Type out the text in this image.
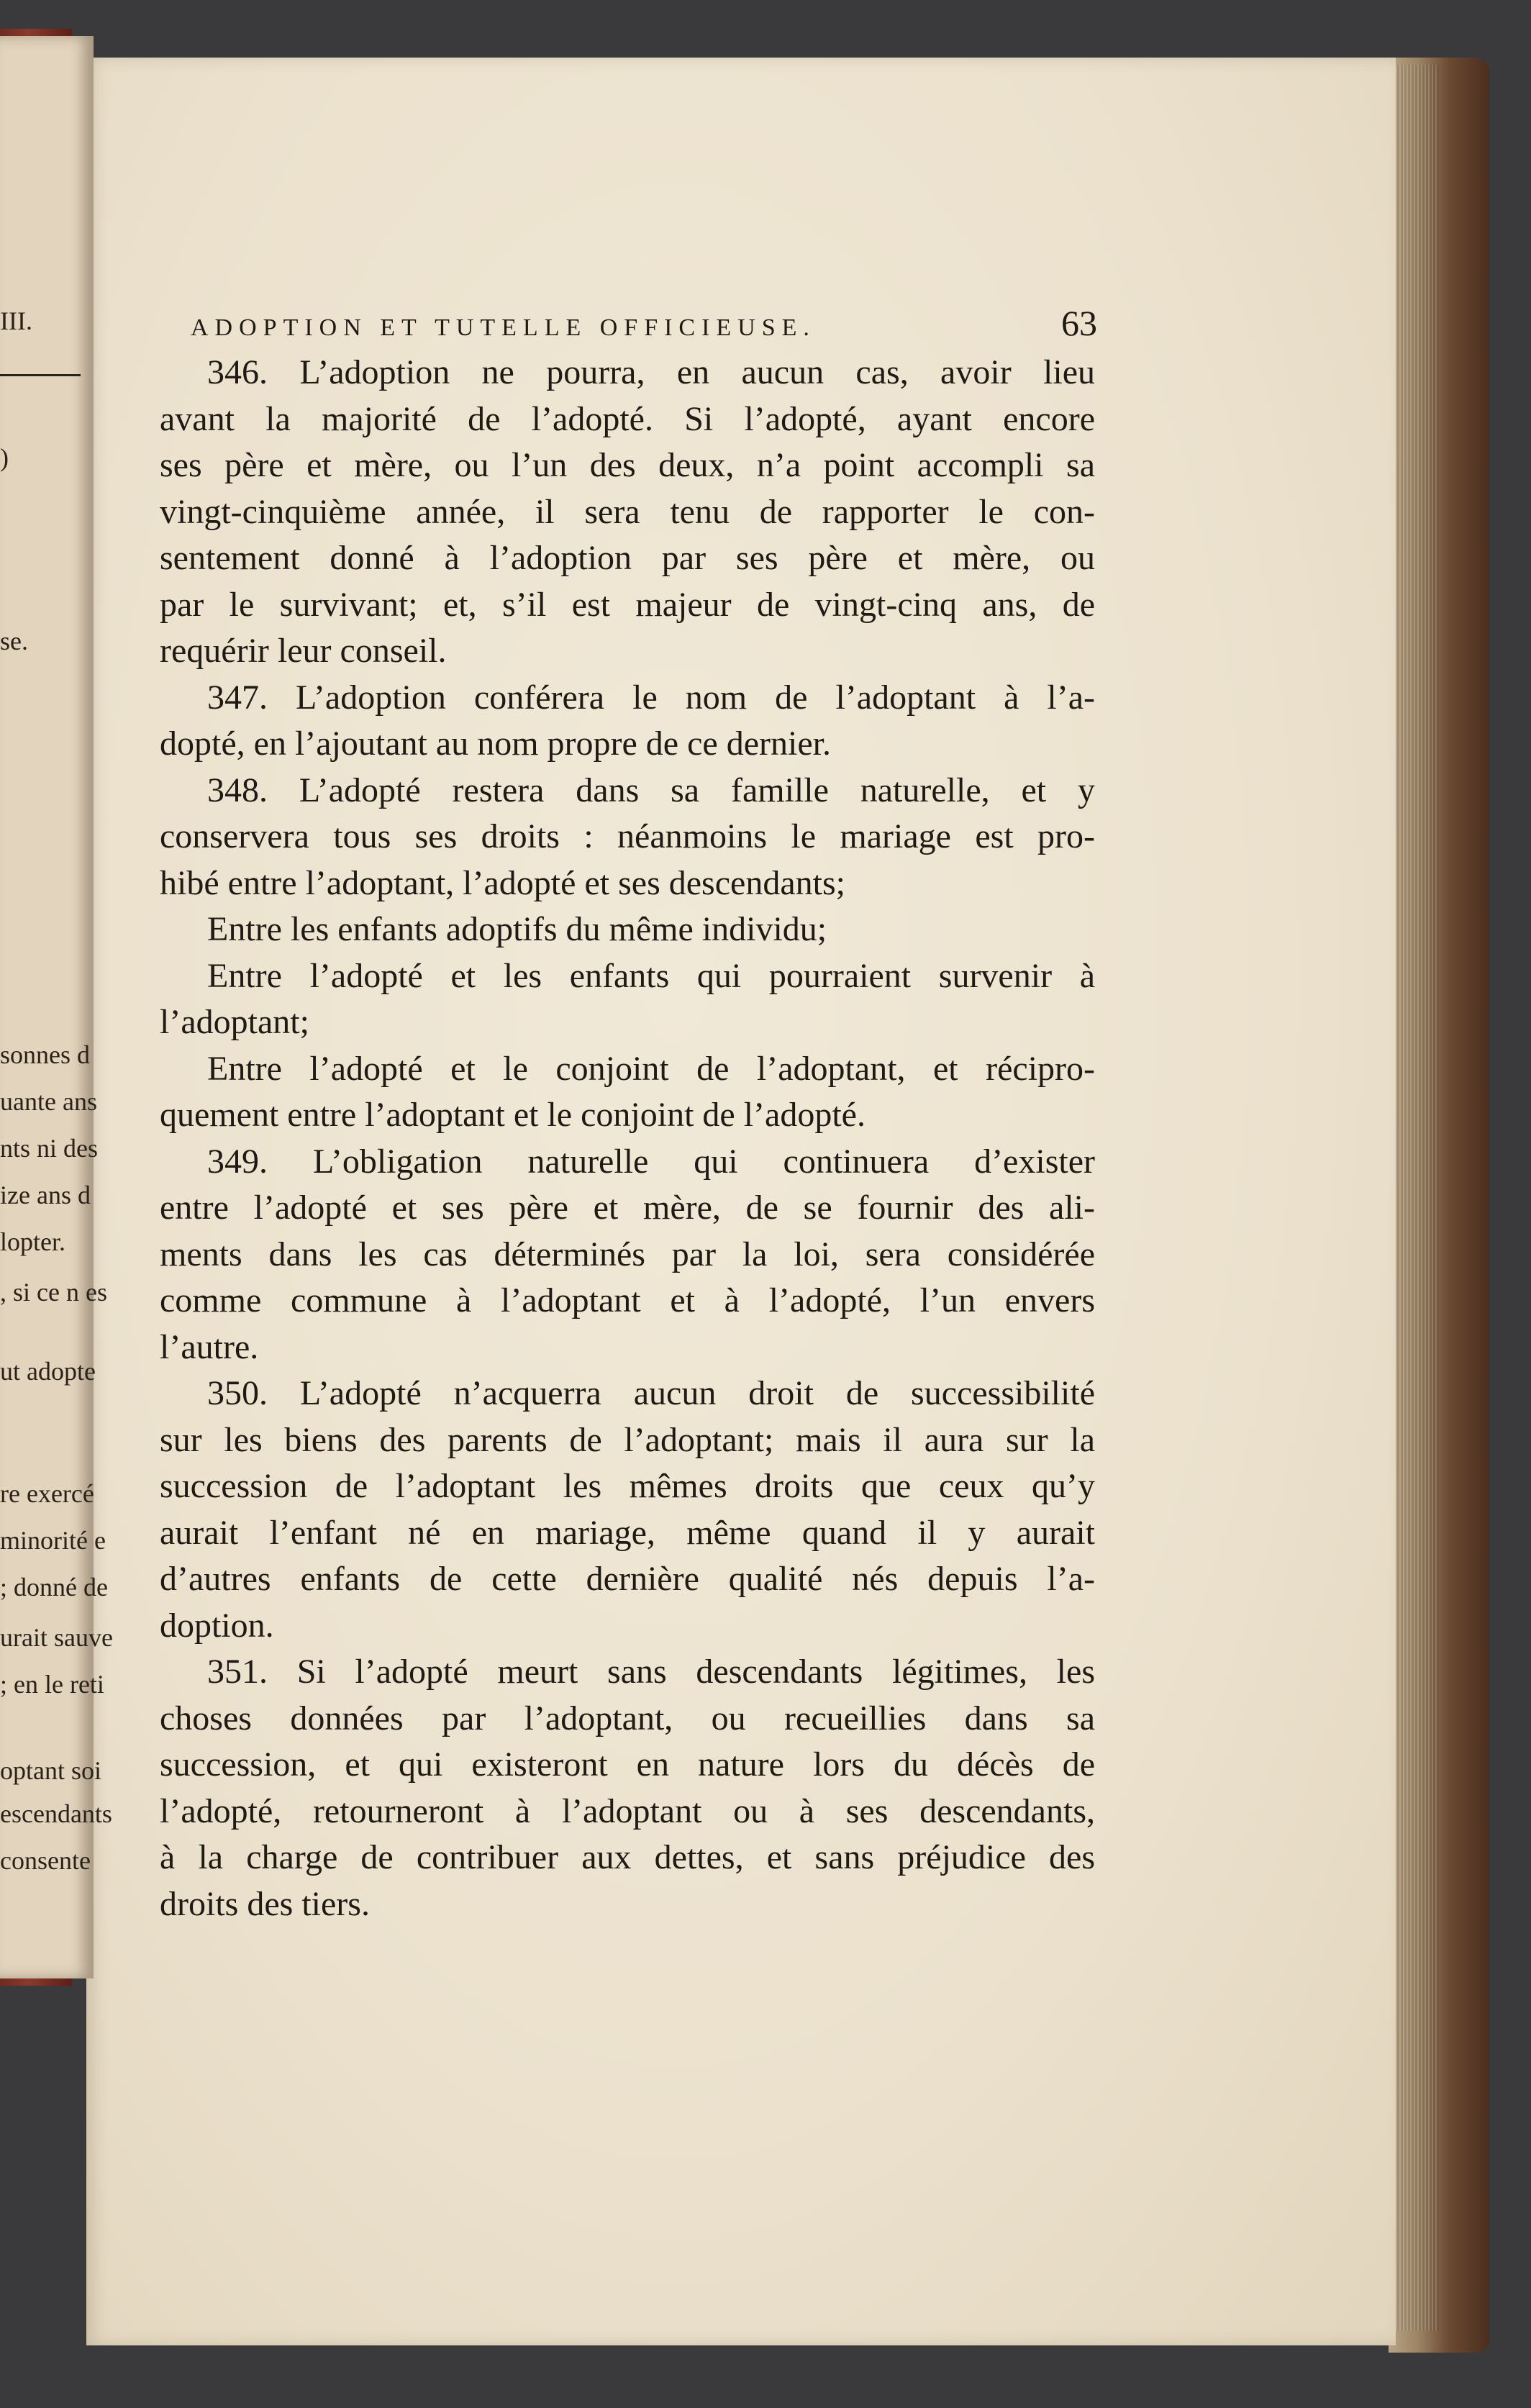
III.
)
se.
sonnes d
uante ans
nts ni des
ize ans d
lopter.
, si ce n es
ut adopte
re exercé
minorité e
; donné de
urait sauve
; en le reti
optant soi
escendants
consente
ADOPTION ET TUTELLE OFFICIEUSE.	63
346. L’adoption ne pourra, en aucun cas, avoir lieu
avant la majorité de l’adopté. Si l’adopté, ayant encore
ses père et mère, ou l’un des deux, n’a point accompli sa
vingt-cinquième année, il sera tenu de rapporter le con-
sentement donné à l’adoption par ses père et mère, ou
par le survivant; et, s’il est majeur de vingt-cinq ans, de
requérir leur conseil.
347. L’adoption conférera le nom de l’adoptant à l’a-
dopté, en l’ajoutant au nom propre de ce dernier.
348. L’adopté restera dans sa famille naturelle, et y
conservera tous ses droits : néanmoins le mariage est pro-
hibé entre l’adoptant, l’adopté et ses descendants;
Entre les enfants adoptifs du même individu;
Entre l’adopté et les enfants qui pourraient survenir à
l’adoptant;
Entre l’adopté et le conjoint de l’adoptant, et récipro-
quement entre l’adoptant et le conjoint de l’adopté.
349. L’obligation naturelle qui continuera d’exister
entre l’adopté et ses père et mère, de se fournir des ali-
ments dans les cas déterminés par la loi, sera considérée
comme commune à l’adoptant et à l’adopté, l’un envers
l’autre.
350. L’adopté n’acquerra aucun droit de successibilité
sur les biens des parents de l’adoptant; mais il aura sur la
succession de l’adoptant les mêmes droits que ceux qu’y
aurait l’enfant né en mariage, même quand il y aurait
d’autres enfants de cette dernière qualité nés depuis l’a-
doption.
351. Si l’adopté meurt sans descendants légitimes, les
choses données par l’adoptant, ou recueillies dans sa
succession, et qui existeront en nature lors du décès de
l’adopté, retourneront à l’adoptant ou à ses descendants,
à la charge de contribuer aux dettes, et sans préjudice des
droits des tiers.
